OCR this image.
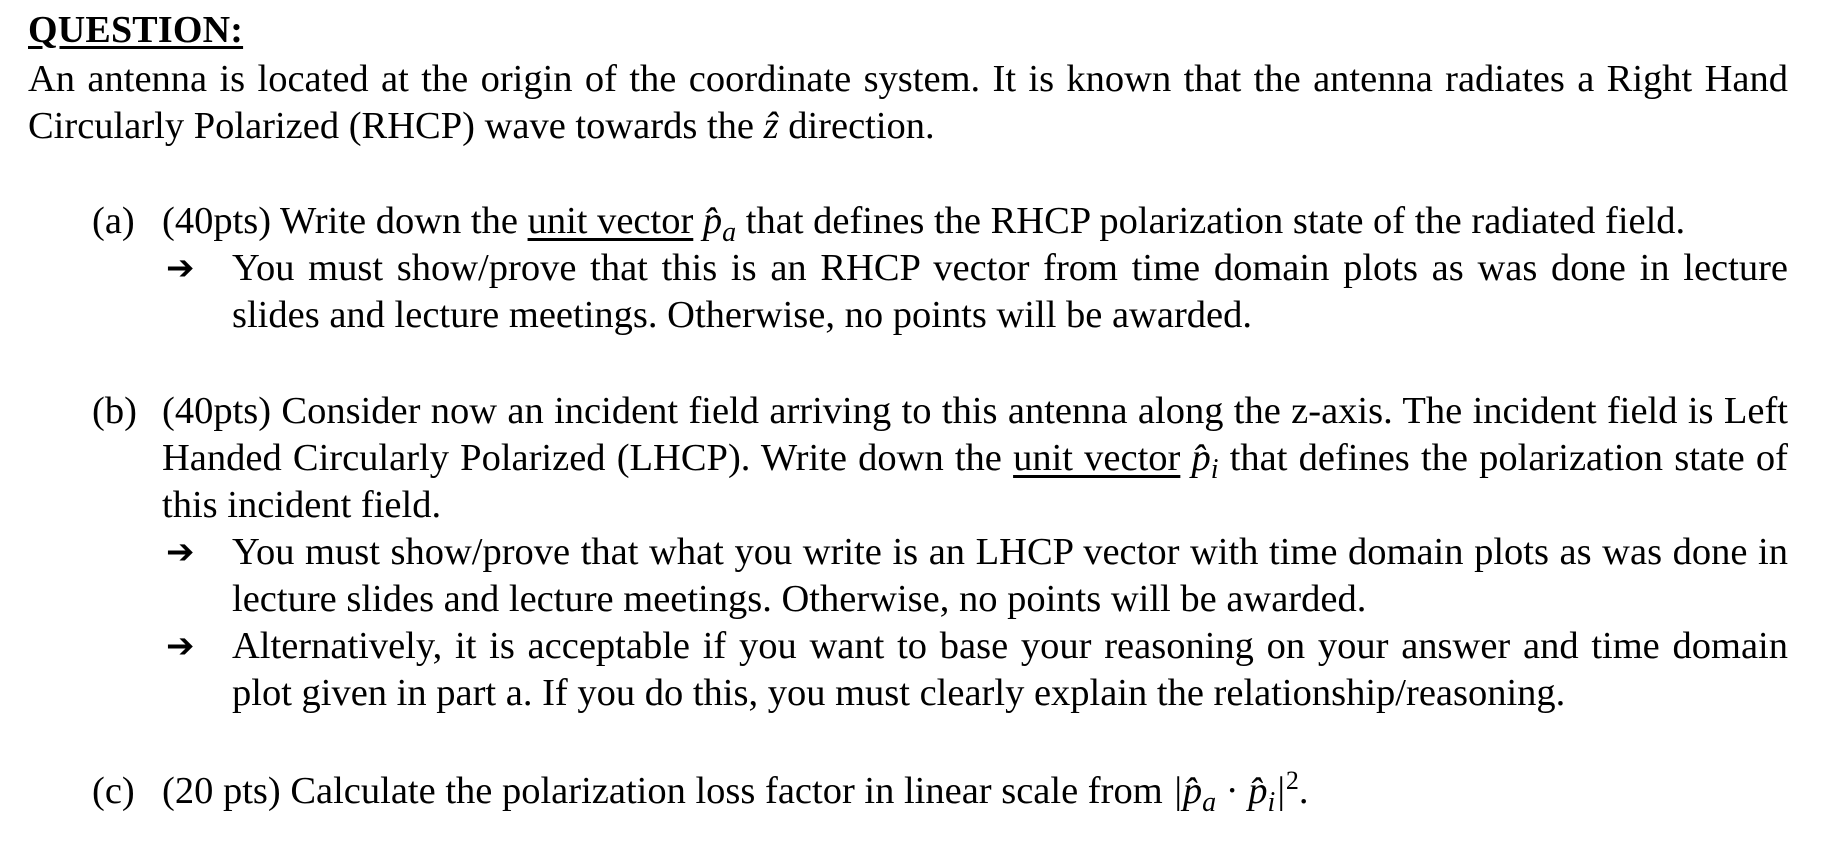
QUESTION:
An antenna is located at the origin of the coordinate system. It is known that the antenna radiates a Right Hand Circularly Polarized (RHCP) wave towards the ẑ direction.
(a) (40pts) Write down the unit vector $p̂_a$ that defines the RHCP polarization state of the radiated field.
➔ You must show/prove that this is an RHCP vector from time domain plots as was done in lecture slides and lecture meetings. Otherwise, no points will be awarded.
(b) (40pts) Consider now an incident field arriving to this antenna along the z-axis. The incident field is Left Handed Circularly Polarized (LHCP). Write down the unit vector $p̂_i$ that defines the polarization state of this incident field.
➔ You must show/prove that what you write is an LHCP vector with time domain plots as was done in lecture slides and lecture meetings. Otherwise, no points will be awarded.
➔ Alternatively, it is acceptable if you want to base your reasoning on your answer and time domain plot given in part a. If you do this, you must clearly explain the relationship/reasoning.
(c) (20 pts) Calculate the polarization loss factor in linear scale from $|p̂_a$ · $p̂_i|^2$.
